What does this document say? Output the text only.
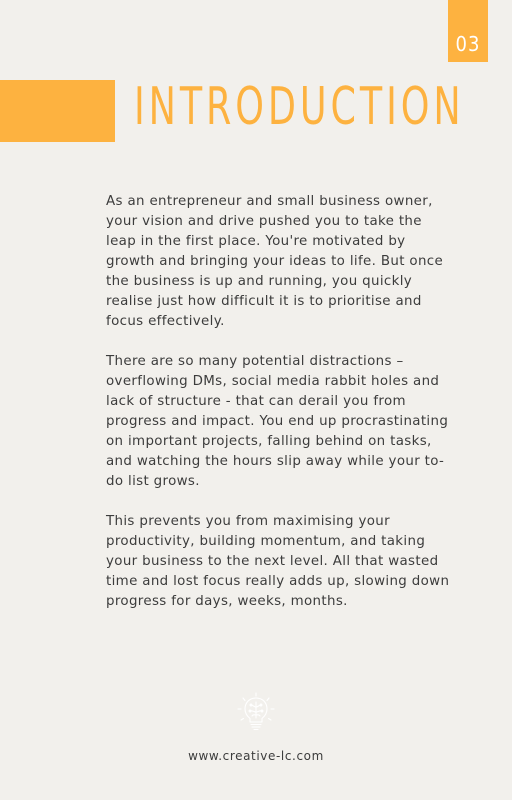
03
INTRODUCTION

As an entrepreneur and small business owner, your vision and drive pushed you to take the leap in the first place. You're motivated by growth and bringing your ideas to life. But once the business is up and running, you quickly realise just how difficult it is to prioritise and focus effectively.

There are so many potential distractions – overflowing DMs, social media rabbit holes and lack of structure - that can derail you from progress and impact. You end up procrastinating on important projects, falling behind on tasks, and watching the hours slip away while your to-do list grows.

This prevents you from maximising your productivity, building momentum, and taking your business to the next level. All that wasted time and lost focus really adds up, slowing down progress for days, weeks, months.

www.creative-lc.com
